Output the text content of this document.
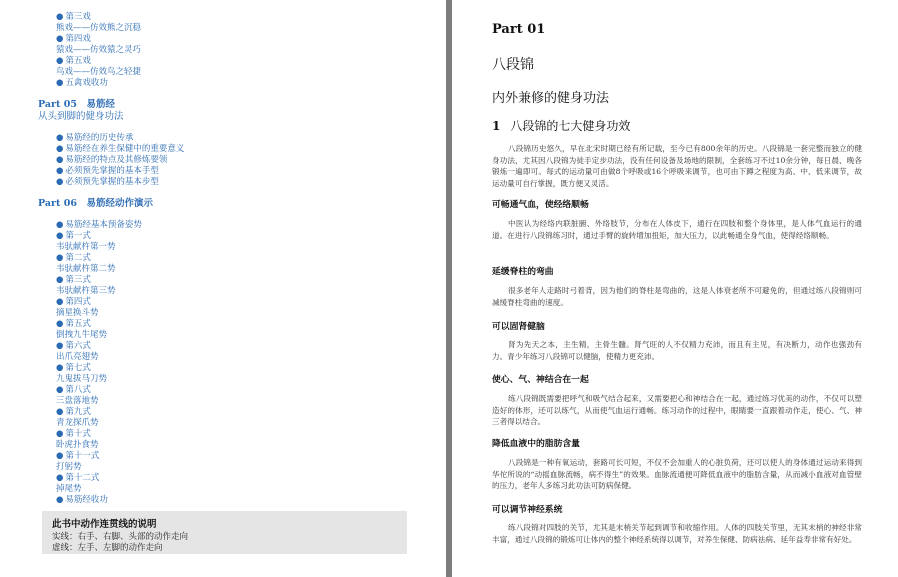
● 第三戏
熊戏——仿效熊之沉稳
● 第四戏
猿戏——仿效猿之灵巧
● 第五戏
鸟戏——仿效鸟之轻捷
● 五禽戏收功
Part 05　易筋经
从头到脚的健身功法
● 易筋经的历史传承
● 易筋经在养生保健中的重要意义
● 易筋经的特点及其修炼要领
● 必须预先掌握的基本手型
● 必须预先掌握的基本步型
Part 06　易筋经动作演示
● 易筋经基本预备姿势
● 第一式
韦驮献杵第一势
● 第二式
韦驮献杵第二势
● 第三式
韦驮献杵第三势
● 第四式
摘星换斗势
● 第五式
倒拽九牛尾势
● 第六式
出爪亮翅势
● 第七式
九鬼拔马刀势
● 第八式
三盘落地势
● 第九式
青龙探爪势
● 第十式
卧虎扑食势
● 第十一式
打躬势
● 第十二式
掉尾势
● 易筋经收功
此书中动作连贯线的说明
实线：右手、右脚、头部的动作走向
虚线：左手、左脚的动作走向
Part 01
八段锦
内外兼修的健身功法
1 八段锦的七大健身功效
八段锦历史悠久，早在北宋时期已经有所记载，至今已有800余年的历史。八段锦是一套完整而独立的健身功法，尤其因八段锦为徒手定步功法，没有任何设备及场地的限制，全套练习不过10余分钟，每日晨、晚各锻炼一遍即可。每式的运动量可由做8个呼吸或16个呼吸来调节，也可由下蹲之程度为高、中、低来调节，故运动量可自行掌握，既方便又灵活。
可畅通气血，使经络顺畅
中医认为经络内联脏腑、外络肢节，分布在人体皮下，通行在四肢和整个身体里，是人体气血运行的通道。在进行八段锦练习时，通过手臂的旋转增加扭矩，加大压力，以此畅通全身气血，使得经络顺畅。
延缓脊柱的弯曲
很多老年人走路时弓着背，因为他们的脊柱是弯曲的，这是人体衰老所不可避免的，但通过练八段锦则可减缓脊柱弯曲的速度。
可以固肾健脑
肾为先天之本，主生精，主骨生髓。肾气旺的人不仅精力充沛，而且有主见，有决断力，动作也强劲有力。青少年练习八段锦可以健脑，使精力更充沛。
使心、气、神结合在一起
练八段锦既需要把呼气和吸气结合起来，又需要把心和神结合在一起，通过练习优美的动作，不仅可以塑造好的体形，还可以练气，从而使气血运行通畅。练习动作的过程中，眼睛要一直跟着动作走，使心、气、神三者得以结合。
降低血液中的脂肪含量
八段锦是一种有氧运动，套路可长可短，不仅不会加重人的心脏负荷，还可以使人的身体通过运动来得到华佗所说的“动摇血脉流畅，病不得生”的效果。血脉流通便可降低血液中的脂肪含量，从而减小血液对血管壁的压力，老年人多练习此功法可防病保健。
可以调节神经系统
练八段锦对四肢的关节，尤其是末梢关节起到调节和收缩作用。人体的四肢关节里，无其末梢的神经非常丰富，通过八段锦的锻炼可让体内的整个神经系统得以调节，对养生保健、防病祛病、延年益寿非常有好处。
